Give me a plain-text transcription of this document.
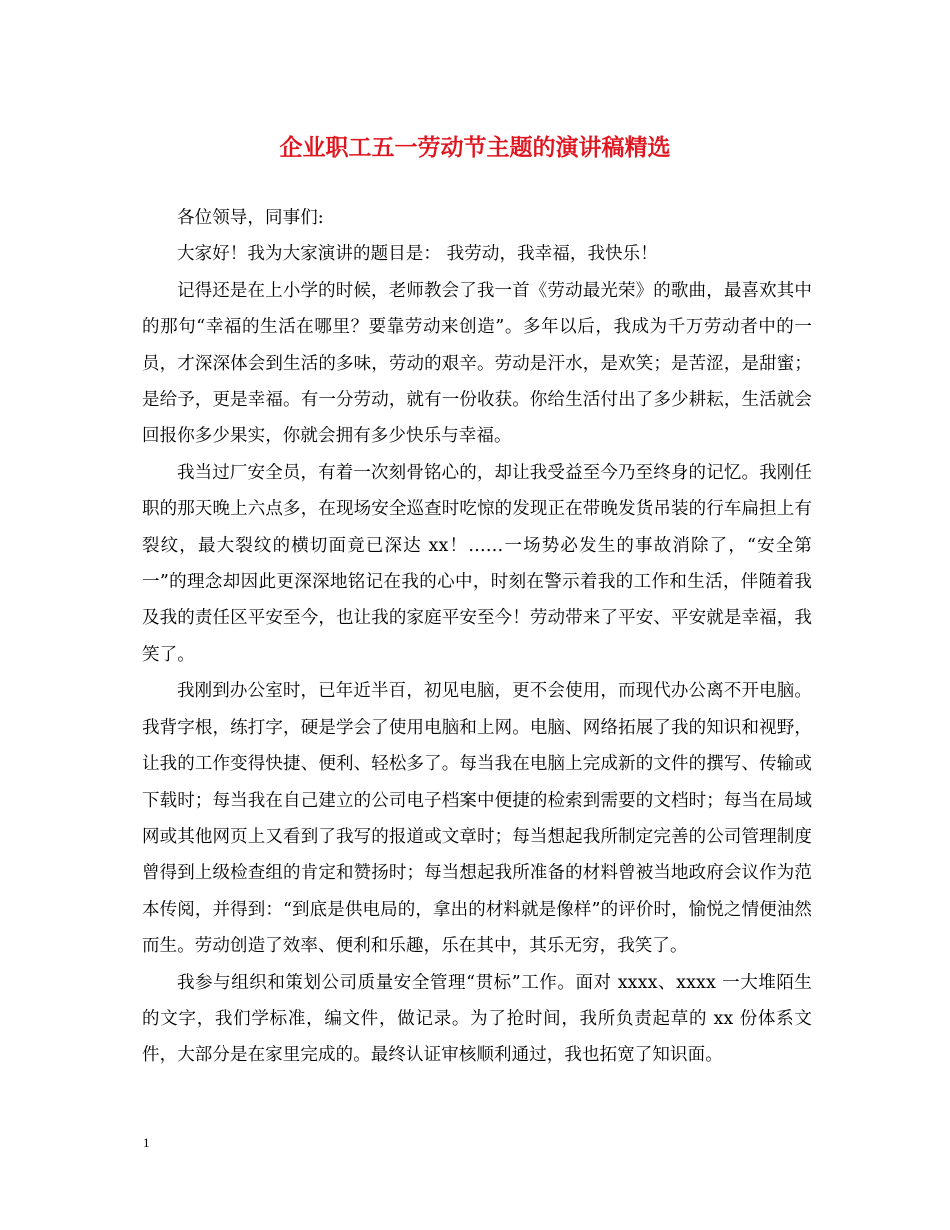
企业职工五一劳动节主题的演讲稿精选

各位领导，同事们:

大家好！我为大家演讲的题目是： 我劳动，我幸福，我快乐！

记得还是在上小学的时候，老师教会了我一首《劳动最光荣》的歌曲，最喜欢其中的那句“幸福的生活在哪里？要靠劳动来创造”。多年以后，我成为千万劳动者中的一员，才深深体会到生活的多味，劳动的艰辛。劳动是汗水，是欢笑；是苦涩，是甜蜜；是给予，更是幸福。有一分劳动，就有一份收获。你给生活付出了多少耕耘，生活就会回报你多少果实，你就会拥有多少快乐与幸福。

我当过厂安全员，有着一次刻骨铭心的，却让我受益至今乃至终身的记忆。我刚任职的那天晚上六点多，在现场安全巡查时吃惊的发现正在带晚发货吊装的行车扁担上有裂纹，最大裂纹的横切面竟已深达 xx！……一场势必发生的事故消除了，“安全第一”的理念却因此更深深地铭记在我的心中，时刻在警示着我的工作和生活，伴随着我及我的责任区平安至今，也让我的家庭平安至今！劳动带来了平安、平安就是幸福，我笑了。

我刚到办公室时，已年近半百，初见电脑，更不会使用，而现代办公离不开电脑。我背字根，练打字，硬是学会了使用电脑和上网。电脑、网络拓展了我的知识和视野，让我的工作变得快捷、便利、轻松多了。每当我在电脑上完成新的文件的撰写、传输或下载时；每当我在自己建立的公司电子档案中便捷的检索到需要的文档时；每当在局域网或其他网页上又看到了我写的报道或文章时；每当想起我所制定完善的公司管理制度曾得到上级检查组的肯定和赞扬时；每当想起我所准备的材料曾被当地政府会议作为范本传阅，并得到：“到底是供电局的，拿出的材料就是像样”的评价时，愉悦之情便油然而生。劳动创造了效率、便利和乐趣，乐在其中，其乐无穷，我笑了。

我参与组织和策划公司质量安全管理“贯标”工作。面对 xxxx、xxxx 一大堆陌生的文字，我们学标准，编文件，做记录。为了抢时间，我所负责起草的 xx 份体系文件，大部分是在家里完成的。最终认证审核顺利通过，我也拓宽了知识面。

1
